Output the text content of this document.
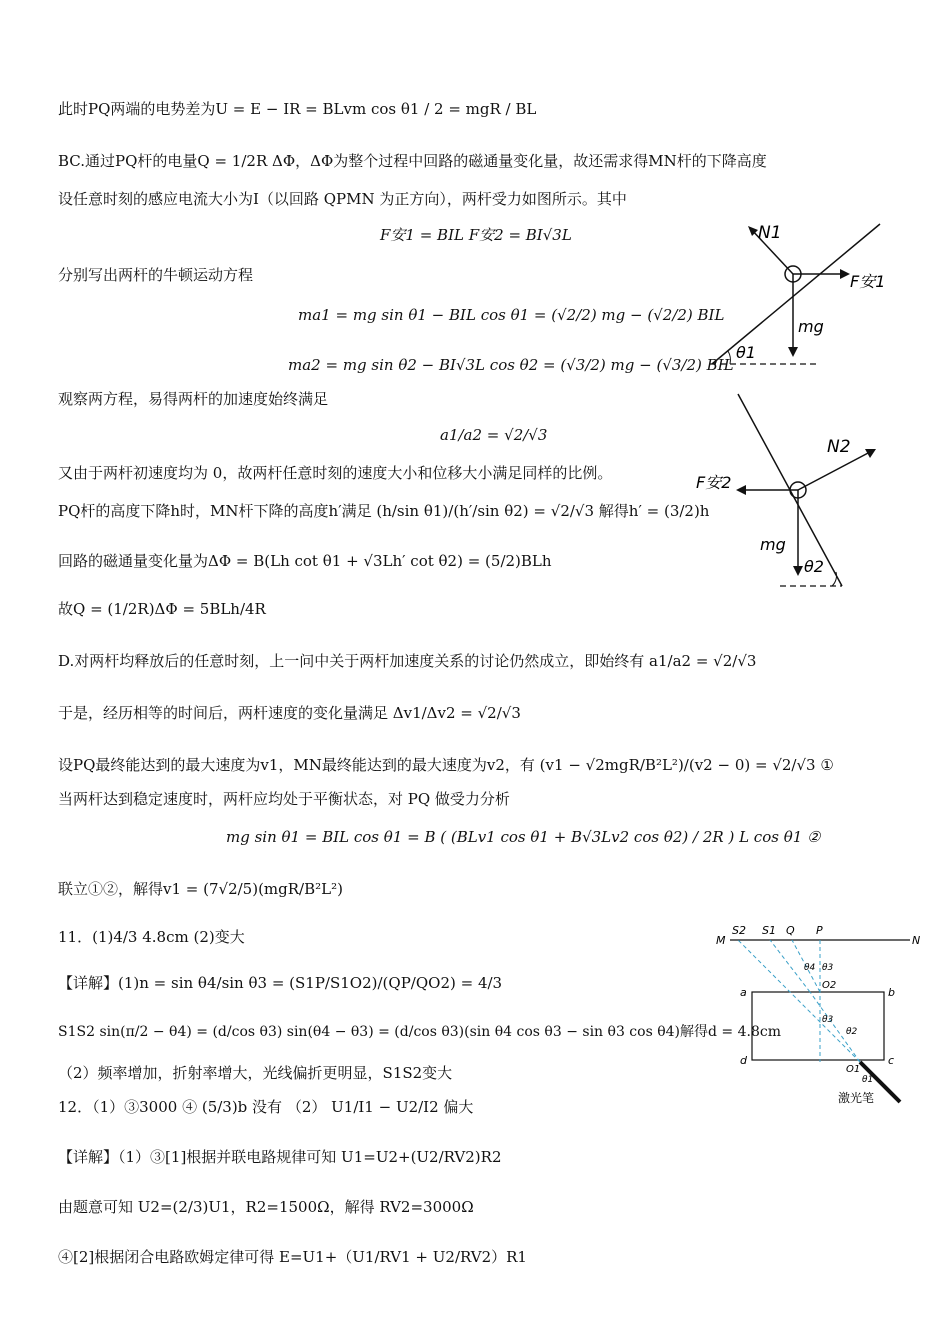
此时PQ两端的电势差为U = E − IR = BLvm cos θ1 / 2 = mgR / BL
BC.通过PQ杆的电量Q = 1/2R ΔΦ，ΔΦ为整个过程中回路的磁通量变化量，故还需求得MN杆的下降高度
设任意时刻的感应电流大小为I（以回路 QPMN 为正方向），两杆受力如图所示。其中
F安1 = BIL F安2 = BI√3L
分别写出两杆的牛顿运动方程
ma1 = mg sin θ1 − BIL cos θ1 = (√2/2) mg − (√2/2) BIL
ma2 = mg sin θ2 − BI√3L cos θ2 = (√3/2) mg − (√3/2) BIL
观察两方程，易得两杆的加速度始终满足
a1/a2 = √2/√3
又由于两杆初速度均为 0，故两杆任意时刻的速度大小和位移大小满足同样的比例。
PQ杆的高度下降h时，MN杆下降的高度h′满足 (h/sin θ1)/(h′/sin θ2) = √2/√3 解得h′ = (3/2)h
回路的磁通量变化量为ΔΦ = B(Lh cot θ1 + √3Lh′ cot θ2) = (5/2)BLh
故Q = (1/2R)ΔΦ = 5BLh/4R
D.对两杆均释放后的任意时刻，上一问中关于两杆加速度关系的讨论仍然成立，即始终有 a1/a2 = √2/√3
于是，经历相等的时间后，两杆速度的变化量满足 Δv1/Δv2 = √2/√3
设PQ最终能达到的最大速度为v1，MN最终能达到的最大速度为v2，有 (v1 − √2mgR/B²L²)/(v2 − 0) = √2/√3 ①
当两杆达到稳定速度时，两杆应均处于平衡状态，对 PQ 做受力分析
mg sin θ1 = BIL cos θ1 = B ( (BLv1 cos θ1 + B√3Lv2 cos θ2) / 2R ) L cos θ1 ②
联立①②，解得v1 = (7√2/5)(mgR/B²L²)
11．(1)4/3 4.8cm (2)变大
【详解】(1)n = sin θ4/sin θ3 = (S1P/S1O2)/(QP/QO2) = 4/3
S1S2 sin(π/2 − θ4) = (d/cos θ3) sin(θ4 − θ3) = (d/cos θ3)(sin θ4 cos θ3 − sin θ3 cos θ4)解得d = 4.8cm
（2）频率增加，折射率增大，光线偏折更明显，S1S2变大
12．（1）③3000 ④ (5/3)b 没有 （2） U1/I1 − U2/I2 偏大
【详解】（1）③[1]根据并联电路规律可知 U1=U2+(U2/RV2)R2
由题意可知 U2=(2/3)U1，R2=1500Ω，解得 RV2=3000Ω
④[2]根据闭合电路欧姆定律可得 E=U1+（U1/RV1 + U2/RV2）R1
N1
F安1
mg
θ1
N2
F安2
mg
θ2
M
S2 S1 Q P
N
a	b
d	c
O1
O2
θ4 θ3
θ3
θ2
θ1
激光笔
